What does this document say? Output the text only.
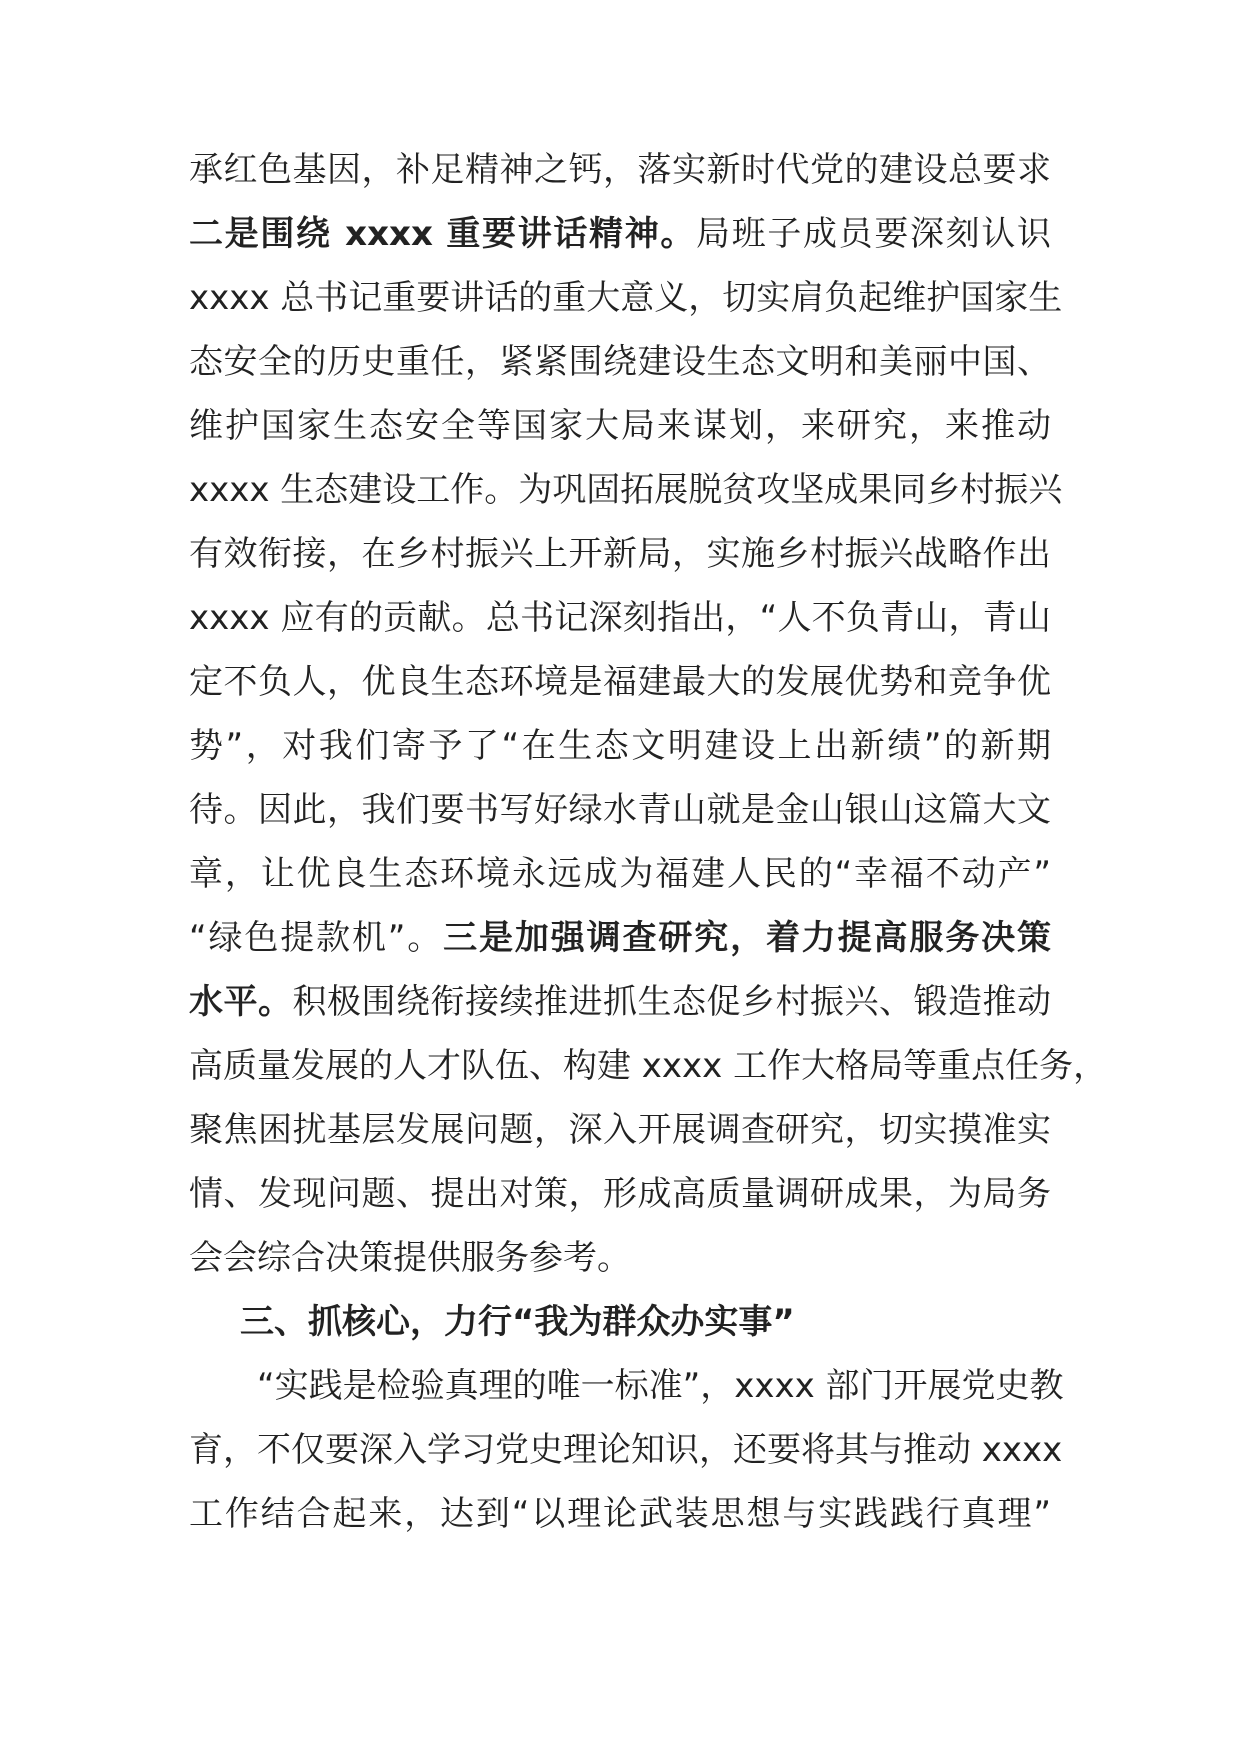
承红色基因，补足精神之钙，落实新时代党的建设总要求
二是围绕 xxxx 重要讲话精神。局班子成员要深刻认识
xxxx 总书记重要讲话的重大意义，切实肩负起维护国家生
态安全的历史重任，紧紧围绕建设生态文明和美丽中国、
维护国家生态安全等国家大局来谋划，来研究，来推动
xxxx 生态建设工作。为巩固拓展脱贫攻坚成果同乡村振兴
有效衔接，在乡村振兴上开新局，实施乡村振兴战略作出
xxxx 应有的贡献。总书记深刻指出，“人不负青山，青山
定不负人，优良生态环境是福建最大的发展优势和竞争优
势”，对我们寄予了“在生态文明建设上出新绩”的新期
待。因此，我们要书写好绿水青山就是金山银山这篇大文
章，让优良生态环境永远成为福建人民的“幸福不动产”
“绿色提款机”。三是加强调查研究，着力提高服务决策
水平。积极围绕衔接续推进抓生态促乡村振兴、锻造推动
高质量发展的人才队伍、构建 xxxx 工作大格局等重点任务，
聚焦困扰基层发展问题，深入开展调查研究，切实摸准实
情、发现问题、提出对策，形成高质量调研成果，为局务
会会综合决策提供服务参考。
三、抓核心，力行“我为群众办实事”
“实践是检验真理的唯一标准”，xxxx 部门开展党史教
育，不仅要深入学习党史理论知识，还要将其与推动 xxxx
工作结合起来，达到“以理论武装思想与实践践行真理”
